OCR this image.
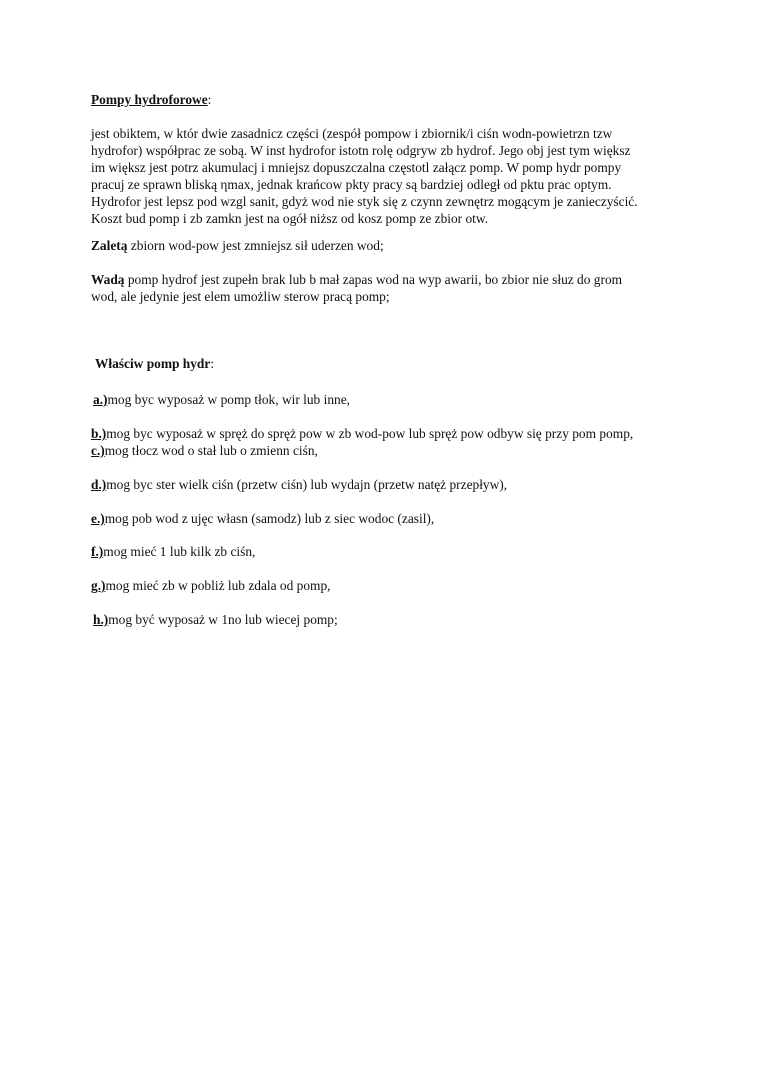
Pompy hydroforowe:

jest obiktem, w któr dwie zasadnicz części (zespół pompow i zbiornik/i ciśn wodn-powietrzn tzw

hydrofor) współprac ze sobą. W inst hydrofor istotn rolę odgryw zb hydrof. Jego obj jest tym większ

im większ jest potrz akumulacj i mniejsz dopuszczalna częstotl załącz pomp. W pomp hydr pompy

pracuj ze sprawn bliską ηmax, jednak krańcow pkty pracy są bardziej odległ od pktu prac optym.

Hydrofor jest lepsz pod wzgl sanit, gdyż wod nie styk się z czynn zewnętrz mogącym je zanieczyścić.

Koszt bud pomp i zb zamkn jest na ogół niższ od kosz pomp ze zbior otw.

Zaletą zbiorn wod-pow jest zmniejsz sił uderzen wod;

Wadą pomp hydrof jest zupełn brak lub b mał zapas wod na wyp awarii, bo zbior nie słuz do grom

wod, ale jedynie jest elem umożliw sterow pracą pomp;

Właściw pomp hydr:

a.)mog byc wyposaż w pomp tłok, wir lub inne,

b.)mog byc wyposaż w spręż do spręż pow w zb wod-pow lub spręż pow odbyw się przy pom pomp,

c.)mog tłocz wod o stał lub o zmienn ciśn,

d.)mog byc ster wielk ciśn (przetw ciśn) lub wydajn (przetw natęż przepływ),

e.)mog pob wod z ujęc własn (samodz) lub z siec wodoc (zasil),

f.)mog mieć 1 lub kilk zb ciśn,

g.)mog mieć zb w pobliż lub zdala od pomp,

h.)mog być wyposaż w 1no lub wiecej pomp;
